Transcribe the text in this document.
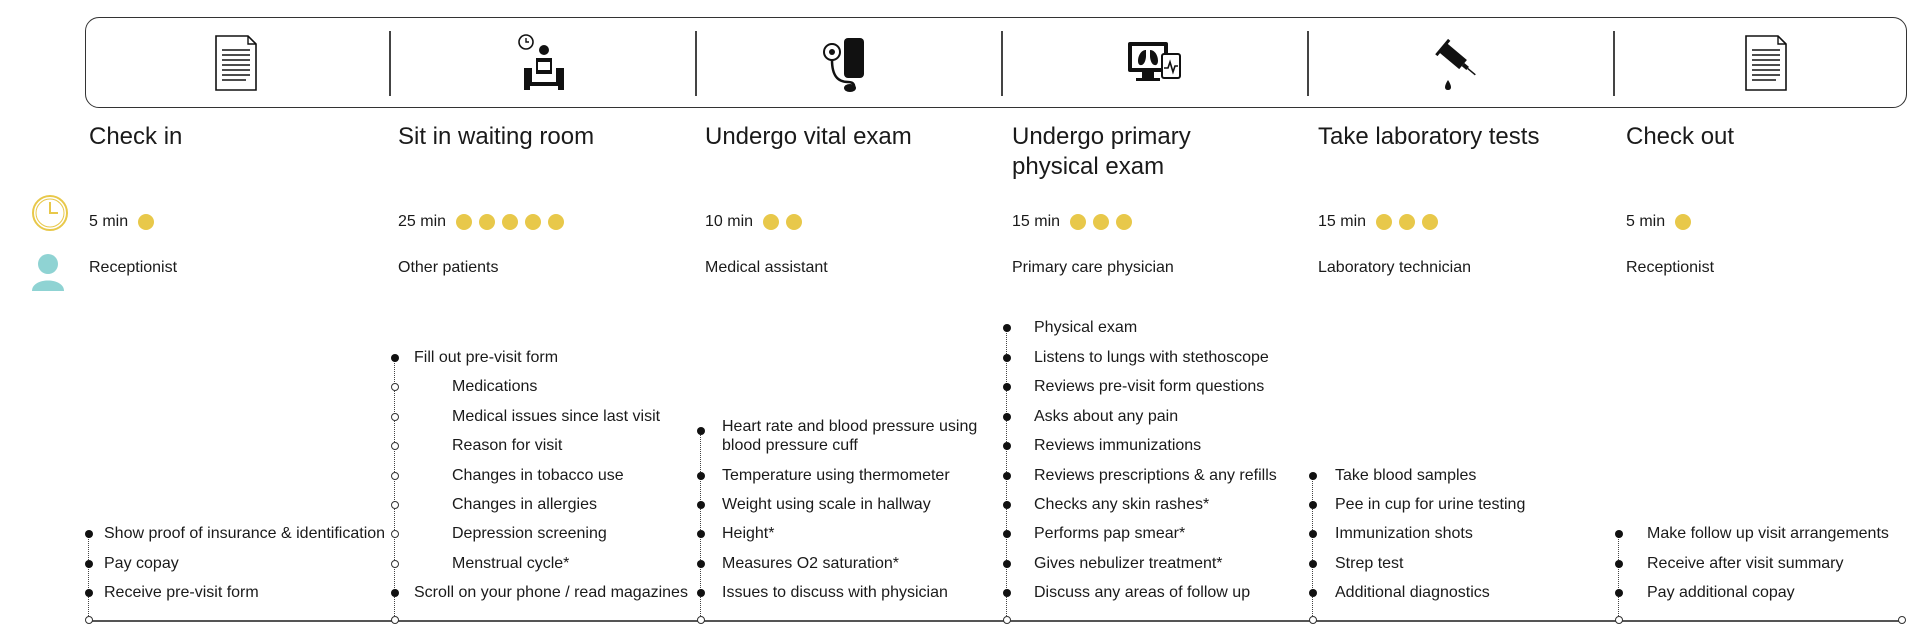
Check in
5 min
Receptionist
Sit in waiting room
25 min
Other patients
Undergo vital exam
10 min
Medical assistant
Undergo primary
physical exam
15 min
Primary care physician
Take laboratory tests
15 min
Laboratory technician
Check out
5 min
Receptionist
Show proof of insurance & identification
Pay copay
Receive pre-visit form
Fill out pre-visit form
Medications
Medical issues since last visit
Reason for visit
Changes in tobacco use
Changes in allergies
Depression screening
Menstrual cycle*
Scroll on your phone / read magazines
Heart rate and blood pressure using
blood pressure cuff
Temperature using thermometer
Weight using scale in hallway
Height*
Measures O2 saturation*
Issues to discuss with physician
Physical exam
Listens to lungs with stethoscope
Reviews pre-visit form questions
Asks about any pain
Reviews immunizations
Reviews prescriptions & any refills
Checks any skin rashes*
Performs pap smear*
Gives nebulizer treatment*
Discuss any areas of follow up
Take blood samples
Pee in cup for urine testing
Immunization shots
Strep test
Additional diagnostics
Make follow up visit arrangements
Receive after visit summary
Pay additional copay
